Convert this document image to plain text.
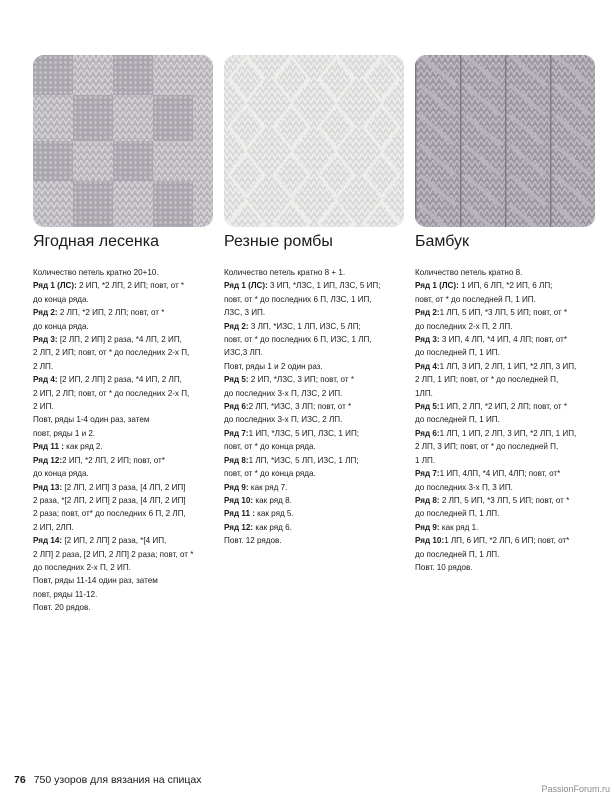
Ягодная лесенка
Количество петель кратно 20+10.
Ряд 1 (ЛС): 2 ИП, *2 ЛП, 2 ИП; повт, от *
до конца ряда.
Ряд 2: 2 ЛП, *2 ИП, 2 ЛП; повт, от *
до конца ряда.
Ряд 3: [2 ЛП, 2 ИП] 2 раза, *4 ЛП, 2 ИП,
2 ЛП, 2 ИП; повт, от * до последних 2-х П,
2 ЛП.
Ряд 4: [2 ИП, 2 ЛП] 2 раза, *4 ИП, 2 ЛП,
2 ИП, 2 ЛП; повт, от * до последних 2-х П,
2 ИП.
Повт, ряды 1-4 один раз, затем
повт, ряды 1 и 2.
Ряд 11 : как ряд 2.
Ряд 12:2 ИП, *2 ЛП, 2 ИП; повт, от*
до конца ряда.
Ряд 13: [2 ЛП, 2 ИП] 3 раза, [4 ЛП, 2 ИП]
2 раза, *[2 ЛП, 2 ИП] 2 раза, [4 ЛП, 2 ИП]
2 раза; повт, от* до последних 6 П, 2 ЛП,
2 ИП, 2ЛП.
Ряд 14: [2 ИП, 2 ЛП] 2 раза, *[4 ИП,
2 ЛП] 2 раза, [2 ИП, 2 ЛП] 2 раза; повт, от *
до последних 2-х П, 2 ИП.
Повт, ряды 11-14 один раз, затем
повт, ряды 11-12.
Повт. 20 рядов.
Резные ромбы
Количество петель кратно 8 + 1.
Ряд 1 (ЛС): 3 ИП, *ЛЗС, 1 ИП, ЛЗС, 5 ИП;
повт, от * до последних 6 П, ЛЗС, 1 ИП,
ЛЗС, 3 ИП.
Ряд 2: 3 ЛП, *ИЗС, 1 ЛП, ИЗС, 5 ЛП;
повт, от * до последних 6 П, ИЗС, 1 ЛП,
ИЗС,3 ЛП.
Повт, ряды 1 и 2 один раз.
Ряд 5: 2 ИП, *ЛЗС, 3 ИП; повт, от *
до последних 3-х П, ЛЗС, 2 ИП.
Ряд 6:2 ЛП, *ИЗС, 3 ЛП; повт, от *
до последних 3-х П, ИЗС, 2 ЛП.
Ряд 7:1 ИП, *ЛЗС, 5 ИП, ЛЗС, 1 ИП;
повт, от * до конца ряда.
Ряд 8:1 ЛП, *ИЗС, 5 ЛП, ИЗС, 1 ЛП;
повт, от * до конца ряда.
Ряд 9: как ряд 7.
Ряд 10: как ряд 8.
Ряд 11 : как ряд 5.
Ряд 12: как ряд 6.
Повт. 12 рядов.
Бамбук
Количество петель кратно 8.
Ряд 1 (ЛС): 1 ИП, 6 ЛП, *2 ИП, 6 ЛП;
повт, от * до последней П, 1 ИП.
Ряд 2:1 ЛП, 5 ИП, *3 ЛП, 5 ИП; повт, от *
до последних 2-х П, 2 ЛП.
Ряд 3: 3 ИП, 4 ЛП, *4 ИП, 4 ЛП; повт, от*
до последней П, 1 ИП.
Ряд 4:1 ЛП, 3 ИП, 2 ЛП, 1 ИП, *2 ЛП, 3 ИП,
2 ЛП, 1 ИП; повт, от * до последней П,
1ЛП.
Ряд 5:1 ИП, 2 ЛП, *2 ИП, 2 ЛП; повт, от *
до последней П, 1 ИП.
Ряд 6:1 ЛП, 1 ИП, 2 ЛП, 3 ИП, *2 ЛП, 1 ИП,
2 ЛП, 3 ИП; повт, от * до последней П,
1 ЛП.
Ряд 7:1 ИП, 4ЛП, *4 ИП, 4ЛП; повт, от*
до последних 3-х П, 3 ИП.
Ряд 8: 2 ЛП, 5 ИП, *3 ЛП, 5 ИП; повт, от *
до последней П, 1 ЛП.
Ряд 9: как ряд 1.
Ряд 10:1 ЛП, 6 ИП, *2 ЛП, 6 ИП; повт, от*
до последней П, 1 ЛП.
Повт. 10 рядов.
76 750 узоров для вязания на спицах
PassionForum.ru
